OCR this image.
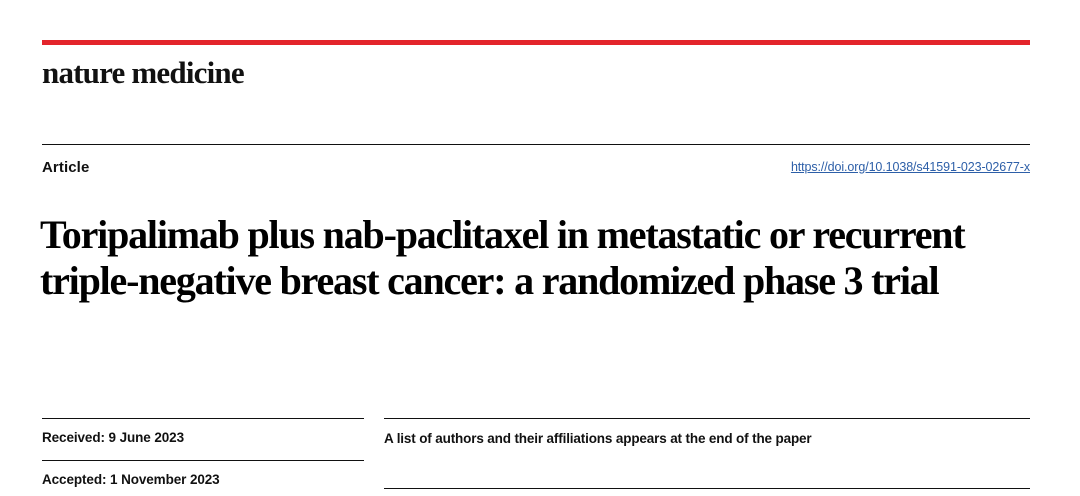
nature medicine
Article	https://doi.org/10.1038/s41591-023-02677-x
Toripalimab plus nab-paclitaxel in metastatic or recurrent triple-negative breast cancer: a randomized phase 3 trial
Received: 9 June 2023
Accepted: 1 November 2023
A list of authors and their affiliations appears at the end of the paper
